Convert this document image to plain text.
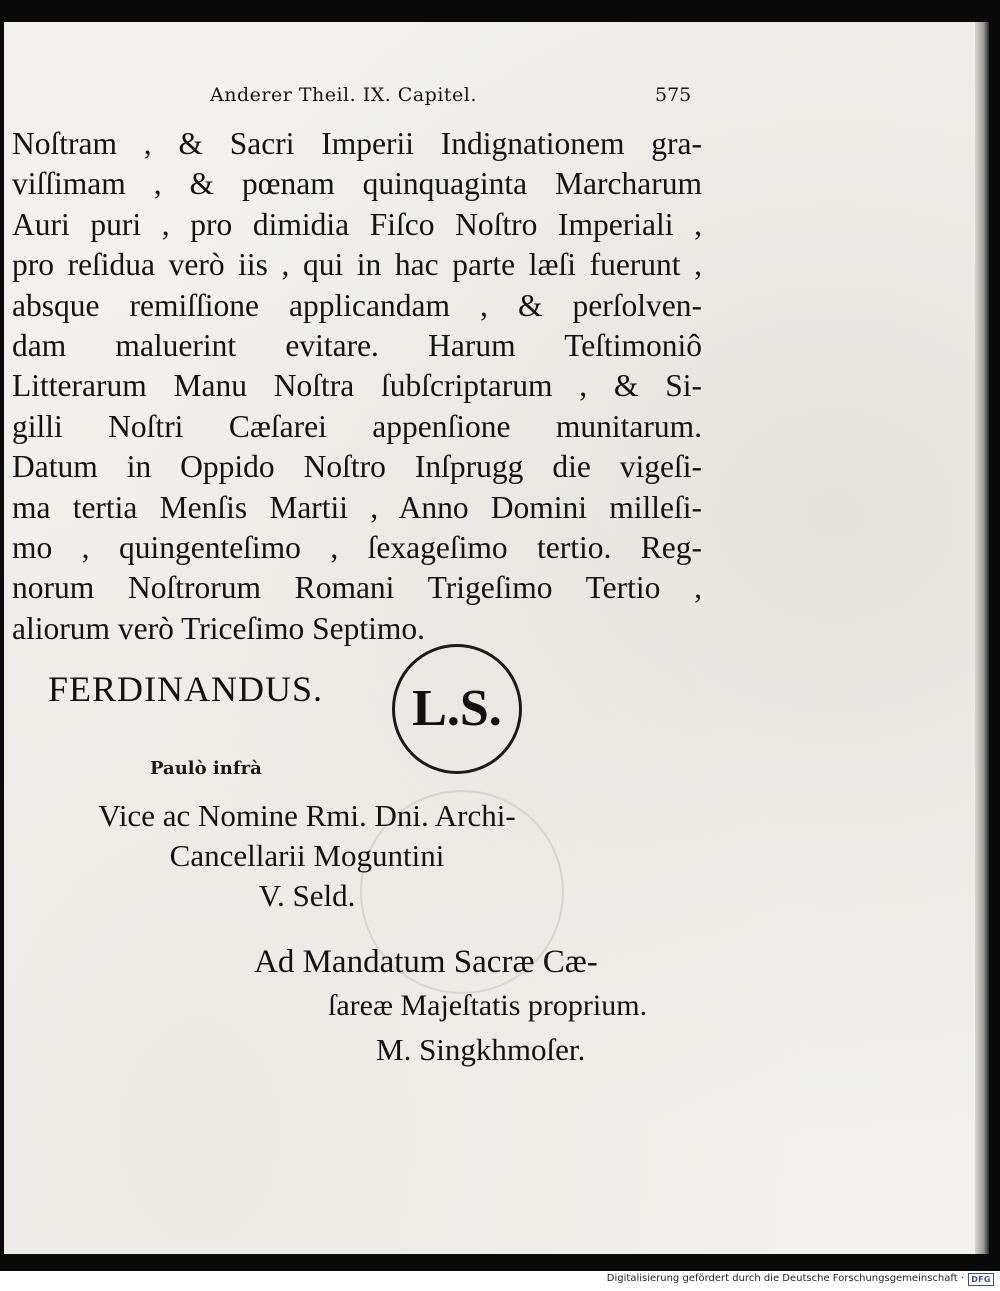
Anderer Theil. IX. Capitel.	575
Noſtram , & Sacri Imperii Indignationem gra-
viſſimam , & pœnam quinquaginta Marcharum
Auri puri , pro dimidia Fiſco Noſtro Imperiali ,
pro reſidua verò iis , qui in hac parte læſi fuerunt ,
absque remiſſione applicandam , & perſolven-
dam maluerint evitare. Harum Teſtimoniô
Litterarum Manu Noſtra ſubſcriptarum , & Si-
gilli Noſtri Cæſarei appenſione munitarum.
Datum in Oppido Noſtro Inſprugg die vigeſi-
ma tertia Menſis Martii , Anno Domini milleſi-
mo , quingenteſimo , ſexageſimo tertio. Reg-
norum Noſtrorum Romani Trigeſimo Tertio ,
aliorum verò Triceſimo Septimo.
FERDINANDUS.	L.S.
Paulò infrà
Vice ac Nomine Rmi. Dni. Archi-
Cancellarii Moguntini
V. Seld.
Ad Mandatum Sacræ Cæ-
ſareæ Majeſtatis proprium.
M. Singkhmoſer.
Digitalisierung gefördert durch die Deutsche Forschungsgemeinschaft · DFG
